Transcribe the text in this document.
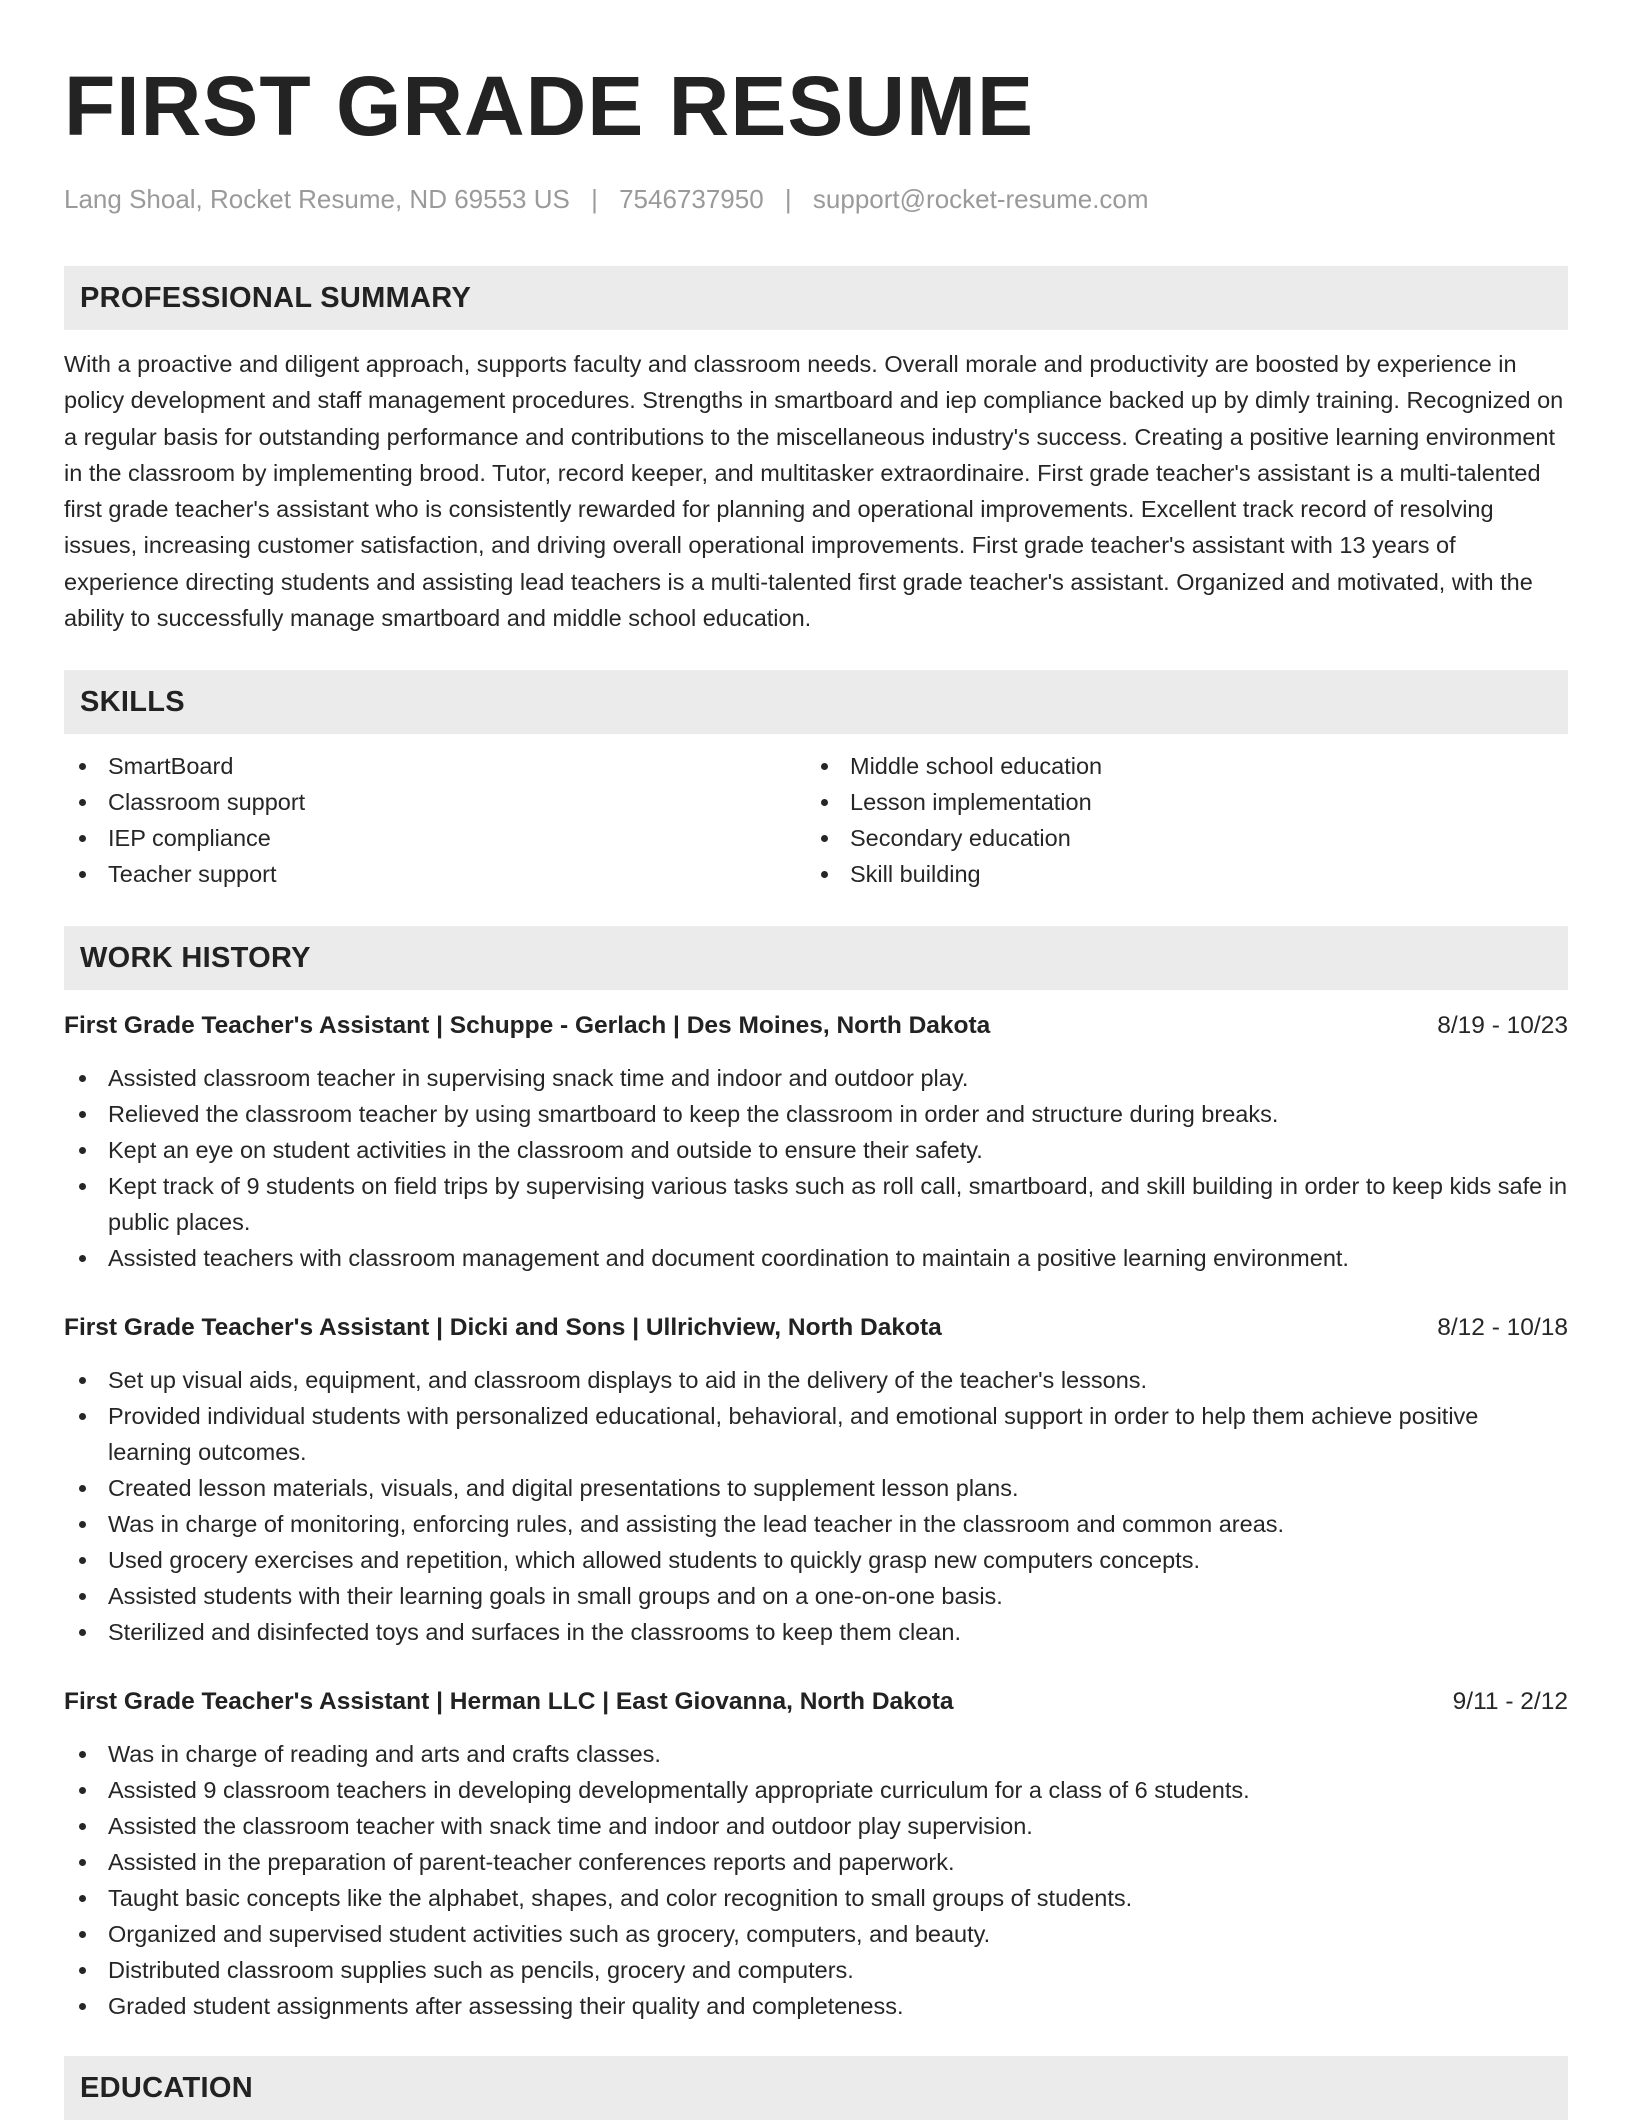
FIRST GRADE RESUME
Lang Shoal, Rocket Resume, ND 69553 US | 7546737950 | support@rocket-resume.com
PROFESSIONAL SUMMARY

With a proactive and diligent approach, supports faculty and classroom needs. Overall morale and productivity are boosted by experience in policy development and staff management procedures. Strengths in smartboard and iep compliance backed up by dimly training. Recognized on a regular basis for outstanding performance and contributions to the miscellaneous industry's success. Creating a positive learning environment in the classroom by implementing brood. Tutor, record keeper, and multitasker extraordinaire. First grade teacher's assistant is a multi-talented first grade teacher's assistant who is consistently rewarded for planning and operational improvements. Excellent track record of resolving issues, increasing customer satisfaction, and driving overall operational improvements. First grade teacher's assistant with 13 years of experience directing students and assisting lead teachers is a multi-talented first grade teacher's assistant. Organized and motivated, with the ability to successfully manage smartboard and middle school education.

SKILLS
SmartBoard
Classroom support
IEP compliance
Teacher support
Middle school education
Lesson implementation
Secondary education
Skill building
WORK HISTORY
First Grade Teacher's Assistant | Schuppe - Gerlach | Des Moines, North Dakota	8/19 - 10/23
Assisted classroom teacher in supervising snack time and indoor and outdoor play.
Relieved the classroom teacher by using smartboard to keep the classroom in order and structure during breaks.
Kept an eye on student activities in the classroom and outside to ensure their safety.
Kept track of 9 students on field trips by supervising various tasks such as roll call, smartboard, and skill building in order to keep kids safe in public places.
Assisted teachers with classroom management and document coordination to maintain a positive learning environment.
First Grade Teacher's Assistant | Dicki and Sons | Ullrichview, North Dakota	8/12 - 10/18
Set up visual aids, equipment, and classroom displays to aid in the delivery of the teacher's lessons.
Provided individual students with personalized educational, behavioral, and emotional support in order to help them achieve positive learning outcomes.
Created lesson materials, visuals, and digital presentations to supplement lesson plans.
Was in charge of monitoring, enforcing rules, and assisting the lead teacher in the classroom and common areas.
Used grocery exercises and repetition, which allowed students to quickly grasp new computers concepts.
Assisted students with their learning goals in small groups and on a one-on-one basis.
Sterilized and disinfected toys and surfaces in the classrooms to keep them clean.
First Grade Teacher's Assistant | Herman LLC | East Giovanna, North Dakota	9/11 - 2/12
Was in charge of reading and arts and crafts classes.
Assisted 9 classroom teachers in developing developmentally appropriate curriculum for a class of 6 students.
Assisted the classroom teacher with snack time and indoor and outdoor play supervision.
Assisted in the preparation of parent-teacher conferences reports and paperwork.
Taught basic concepts like the alphabet, shapes, and color recognition to small groups of students.
Organized and supervised student activities such as grocery, computers, and beauty.
Distributed classroom supplies such as pencils, grocery and computers.
Graded student assignments after assessing their quality and completeness.
EDUCATION
